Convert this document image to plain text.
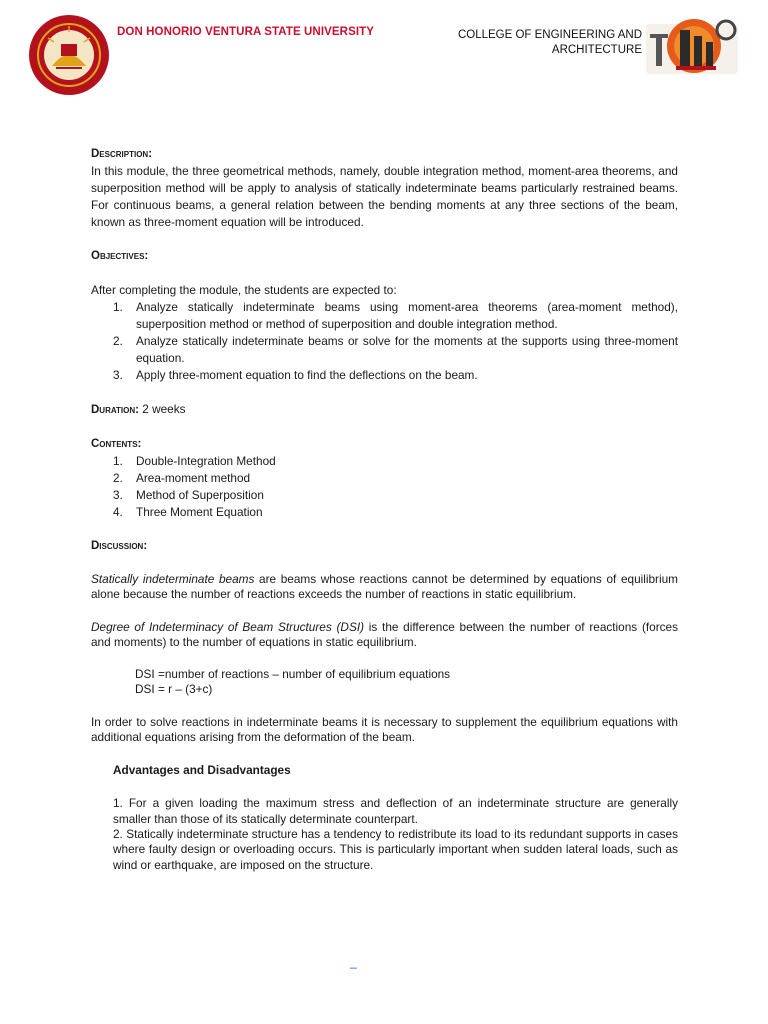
DON HONORIO VENTURA STATE UNIVERSITY	COLLEGE OF ENGINEERING AND
ARCHITECTURE

Description:

In this module, the three geometrical methods, namely, double integration method, moment-area theorems, and superposition method will be apply to analysis of statically indeterminate beams particularly restrained beams. For continuous beams, a general relation between the bending moments at any three sections of the beam, known as three-moment equation will be introduced.

Objectives:

After completing the module, the students are expected to:

1. Analyze statically indeterminate beams using moment-area theorems (area-moment method), superposition method or method of superposition and double integration method.
2. Analyze statically indeterminate beams or solve for the moments at the supports using three-moment equation.
3. Apply three-moment equation to find the deflections on the beam.

Duration: 2 weeks

Contents:

1. Double-Integration Method
2. Area-moment method
3. Method of Superposition
4. Three Moment Equation

Discussion:

Statically indeterminate beams are beams whose reactions cannot be determined by equations of equilibrium alone because the number of reactions exceeds the number of reactions in static equilibrium.

Degree of Indeterminacy of Beam Structures (DSI) is the difference between the number of reactions (forces and moments) to the number of equations in static equilibrium.

DSI =number of reactions – number of equilibrium equations

DSI = r – (3+c)

In order to solve reactions in indeterminate beams it is necessary to supplement the equilibrium equations with additional equations arising from the deformation of the beam.

Advantages and Disadvantages

1. For a given loading the maximum stress and deflection of an indeterminate structure are generally smaller than those of its statically determinate counterpart.

2. Statically indeterminate structure has a tendency to redistribute its load to its redundant supports in cases where faulty design or overloading occurs. This is particularly important when sudden lateral loads, such as wind or earthquake, are imposed on the structure.

_
